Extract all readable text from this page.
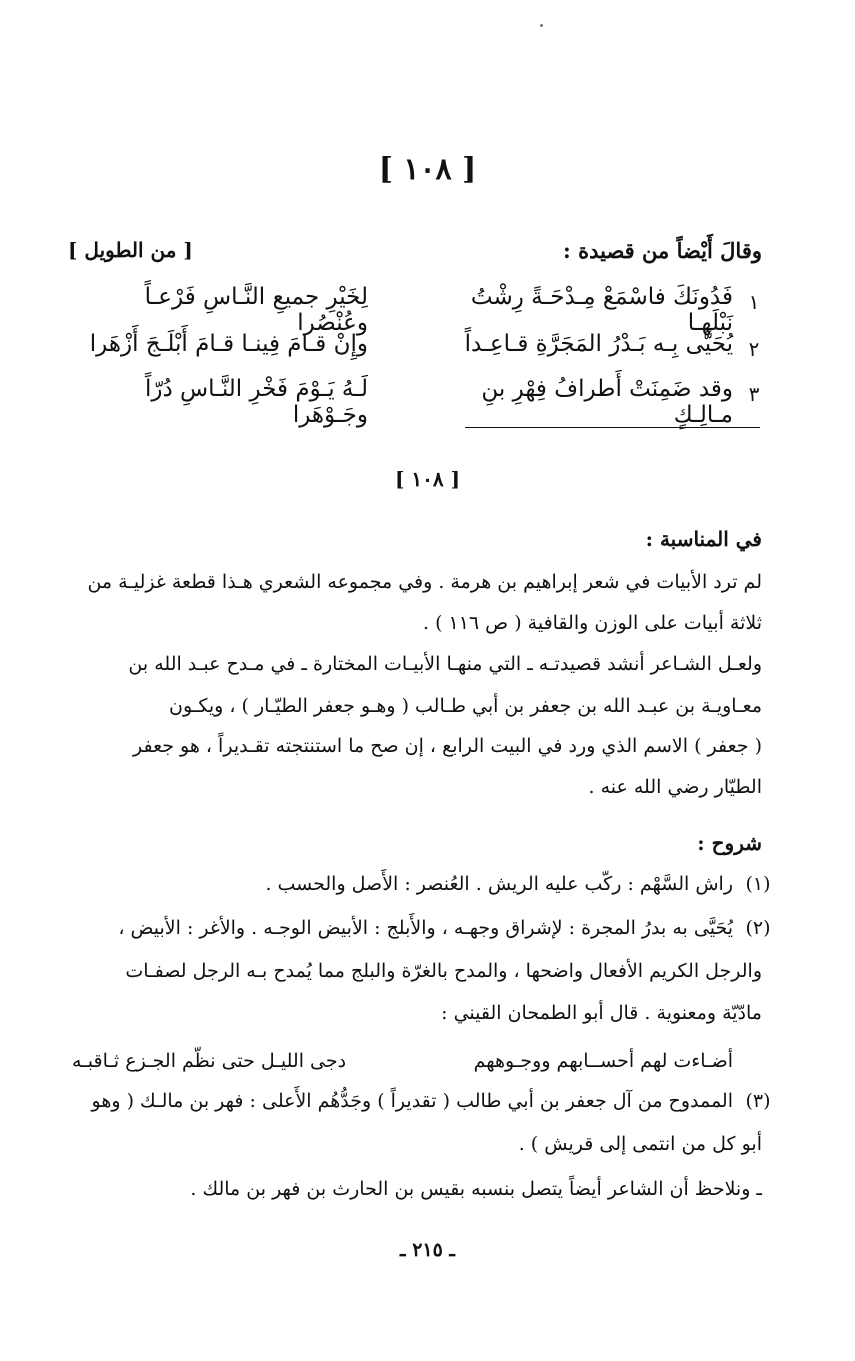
[ ١٠٨ ]
وقالَ أَيْضاً من قصيدة :
[ من الطويل ]
١
فَدُونَكَ فاسْمَعْ مِـدْحَـةً رِشْتُ نَبْلَهـا
لِخَيْرِ جميعِ النَّـاسِ فَرْعـاً وعُنْصُرا
٢
يُحَيَّى بِـه بَـدْرُ المَجَرَّةِ قـاعِـداً
وإِنْ قـامَ فِينـا قـامَ أَبْلَـجَ أَزْهَرا
٣
وقد ضَمِنَتْ أَطرافُ فِهْرِ بنِ مـالِـكٍ
لَـهُ يَـوْمَ فَخْرِ النَّـاسِ دُرّاً وجَـوْهَرا
[ ١٠٨ ]
في المناسبة :
لم ترد الأبيات في شعر إبراهيم بن هرمة . وفي مجموعه الشعري هـذا قطعة غزليـة من
ثلاثة أبيات على الوزن والقافية ( ص ١١٦ ) .
ولعـل الشـاعر أنشد قصيدتـه ـ التي منهـا الأبيـات المختارة ـ في مـدح عبـد الله بن
معـاويـة بن عبـد الله بن جعفر بن أبي طـالب ( وهـو جعفر الطيّـار ) ، ويكـون
( جعفر ) الاسم الذي ورد في البيت الرابع ، إن صح ما استنتجته تقـديراً ، هو جعفر
الطيّار رضي الله عنه .
شروح :
(١)
راش السَّهْم : ركّب عليه الريش . العُنصر : الأَصل والحسب .
(٢)
يُحَيَّى به بدرُ المجرة : لإشراق وجهـه ، والأَبلج : الأبيض الوجـه . والأغر : الأبيض ،
والرجل الكريم الأفعال واضحها ، والمدح بالغرّة والبلج مما يُمدح بـه الرجل لصفـات
مادّيّة ومعنوية . قال أبو الطمحان القيني :
أضـاءت لهم أحســابهم ووجـوههم
دجى الليـل حتى نظّم الجـزع ثـاقبـه
(٣)
الممدوح من آل جعفر بن أبي طالب ( تقديراً ) وجَدُّهُم الأَعلى : فهر بن مالـك ( وهو
أبو كل من انتمى إلى قريش ) .
ـ ونلاحظ أن الشاعر أيضاً يتصل بنسبه بقيس بن الحارث بن فهر بن مالك .
ـ ٢١٥ ـ
